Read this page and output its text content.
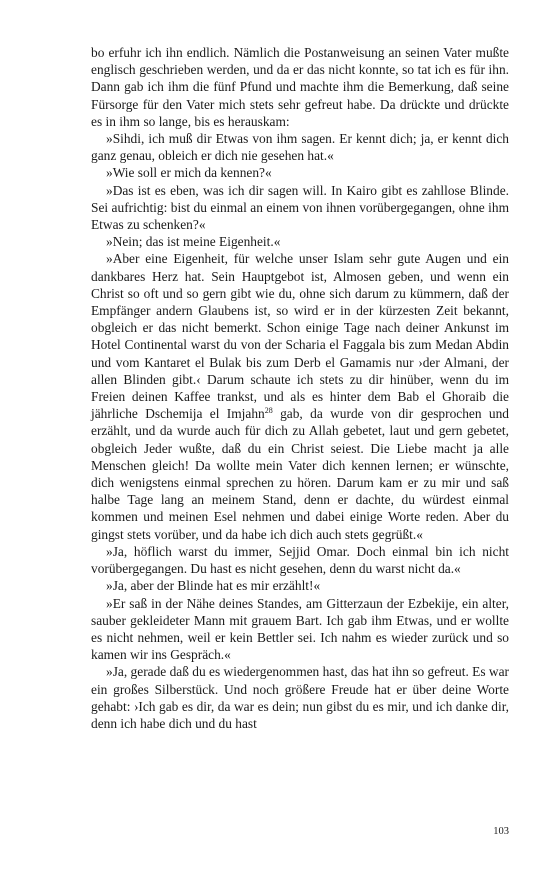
bo erfuhr ich ihn endlich. Nämlich die Postanweisung an seinen Vater mußte englisch geschrieben werden, und da er das nicht konnte, so tat ich es für ihn. Dann gab ich ihm die fünf Pfund und machte ihm die Bemerkung, daß seine Fürsorge für den Vater mich stets sehr gefreut habe. Da drückte und drückte es in ihm so lange, bis es herauskam:

»Sihdi, ich muß dir Etwas von ihm sagen. Er kennt dich; ja, er kennt dich ganz genau, obleich er dich nie gesehen hat.«

»Wie soll er mich da kennen?«

»Das ist es eben, was ich dir sagen will. In Kairo gibt es zahllose Blinde. Sei aufrichtig: bist du einmal an einem von ihnen vorübergegangen, ohne ihm Etwas zu schenken?«

»Nein; das ist meine Eigenheit.«

»Aber eine Eigenheit, für welche unser Islam sehr gute Augen und ein dankbares Herz hat. Sein Hauptgebot ist, Almosen geben, und wenn ein Christ so oft und so gern gibt wie du, ohne sich darum zu kümmern, daß der Empfänger andern Glaubens ist, so wird er in der kürzesten Zeit bekannt, obgleich er das nicht bemerkt. Schon einige Tage nach deiner Ankunst im Hotel Continental warst du von der Scharia el Faggala bis zum Medan Abdin und vom Kantaret el Bulak bis zum Derb el Gamamis nur ›der Almani, der allen Blinden gibt.‹ Darum schaute ich stets zu dir hinüber, wenn du im Freien deinen Kaffee trankst, und als es hinter dem Bab el Ghoraib die jährliche Dschemija el Imjahn$^{28}$ gab, da wurde von dir gesprochen und erzählt, und da wurde auch für dich zu Allah gebetet, laut und gern gebetet, obgleich Jeder wußte, daß du ein Christ seiest. Die Liebe macht ja alle Menschen gleich! Da wollte mein Vater dich kennen lernen; er wünschte, dich wenigstens einmal sprechen zu hören. Darum kam er zu mir und saß halbe Tage lang an meinem Stand, denn er dachte, du würdest einmal kommen und meinen Esel nehmen und dabei einige Worte reden. Aber du gingst stets vorüber, und da habe ich dich auch stets gegrüßt.«

»Ja, höflich warst du immer, Sejjid Omar. Doch einmal bin ich nicht vorübergegangen. Du hast es nicht gesehen, denn du warst nicht da.«

»Ja, aber der Blinde hat es mir erzählt!«

»Er saß in der Nähe deines Standes, am Gitterzaun der Ezbekije, ein alter, sauber gekleideter Mann mit grauem Bart. Ich gab ihm Etwas, und er wollte es nicht nehmen, weil er kein Bettler sei. Ich nahm es wieder zurück und so kamen wir ins Gespräch.«

»Ja, gerade daß du es wiedergenommen hast, das hat ihn so gefreut. Es war ein großes Silberstück. Und noch größere Freude hat er über deine Worte gehabt: ›Ich gab es dir, da war es dein; nun gibst du es mir, und ich danke dir, denn ich habe dich und du hast

103
